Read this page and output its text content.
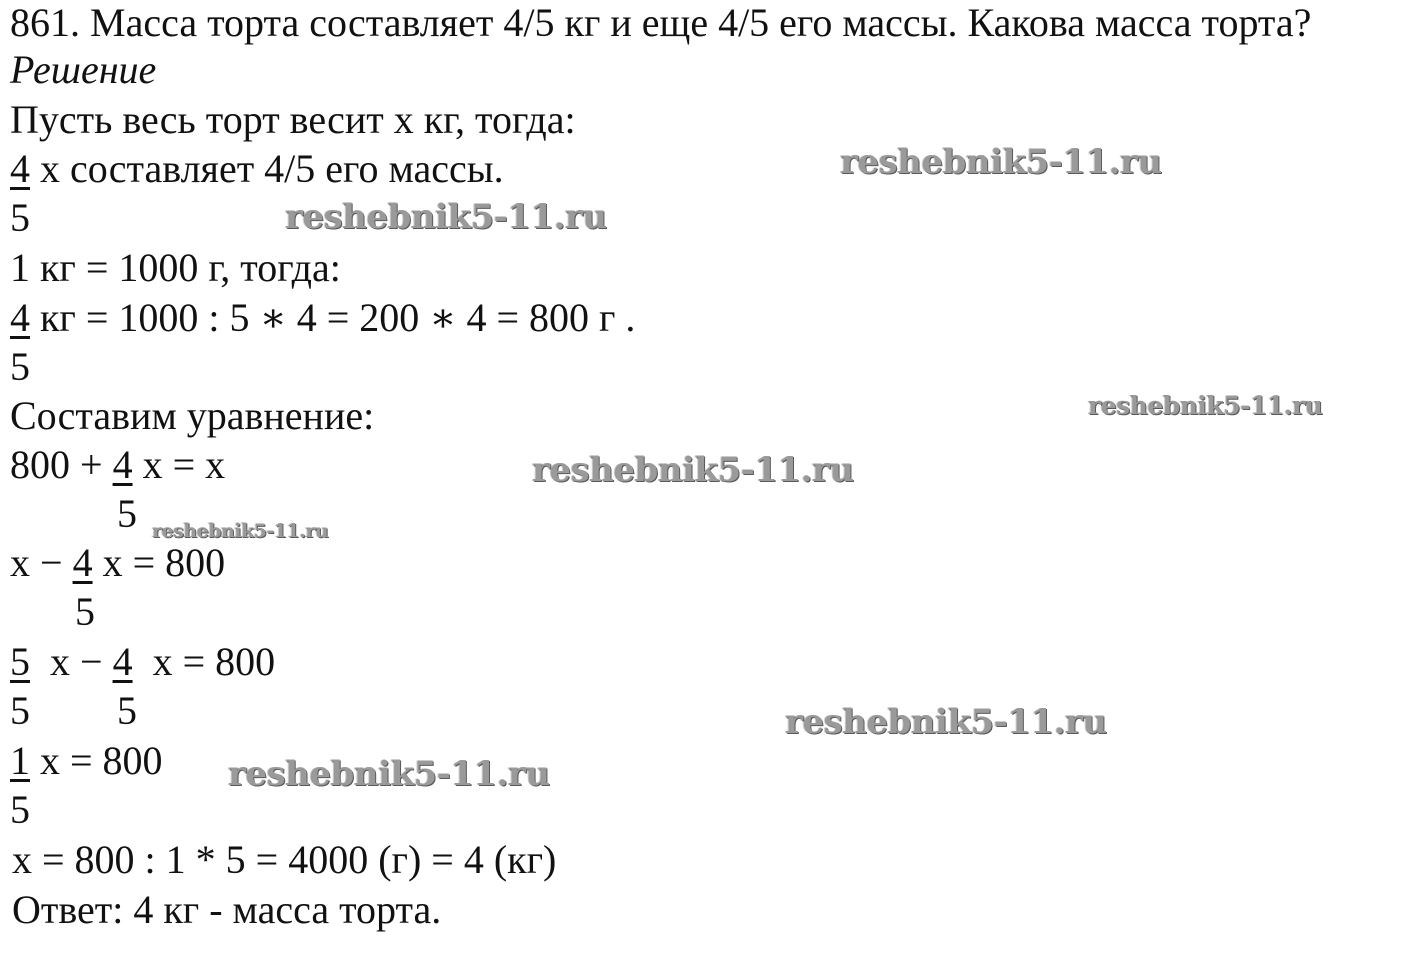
861. Масса торта составляет 4/5 кг и еще 4/5 его массы. Какова масса торта?
Решение
Пусть весь торт весит x кг, тогда:
4 x составляет 4/5 его массы.
5
1 кг = 1000 г, тогда:
4 кг = 1000 : 5 ∗ 4 = 200 ∗ 4 = 800 г .
5
Составим уравнение:
800 + 4 x = x
5
x − 4 x = 800
5
5  x − 4  x = 800
5 5
1 x = 800
5
x = 800 : 1 * 5 = 4000 (г) = 4 (кг)
Ответ: 4 кг - масса торта.
reshebnik5-11.ru
reshebnik5-11.ru
reshebnik5-11.ru
reshebnik5-11.ru
reshebnik5-11.ru
reshebnik5-11.ru
reshebnik5-11.ru
